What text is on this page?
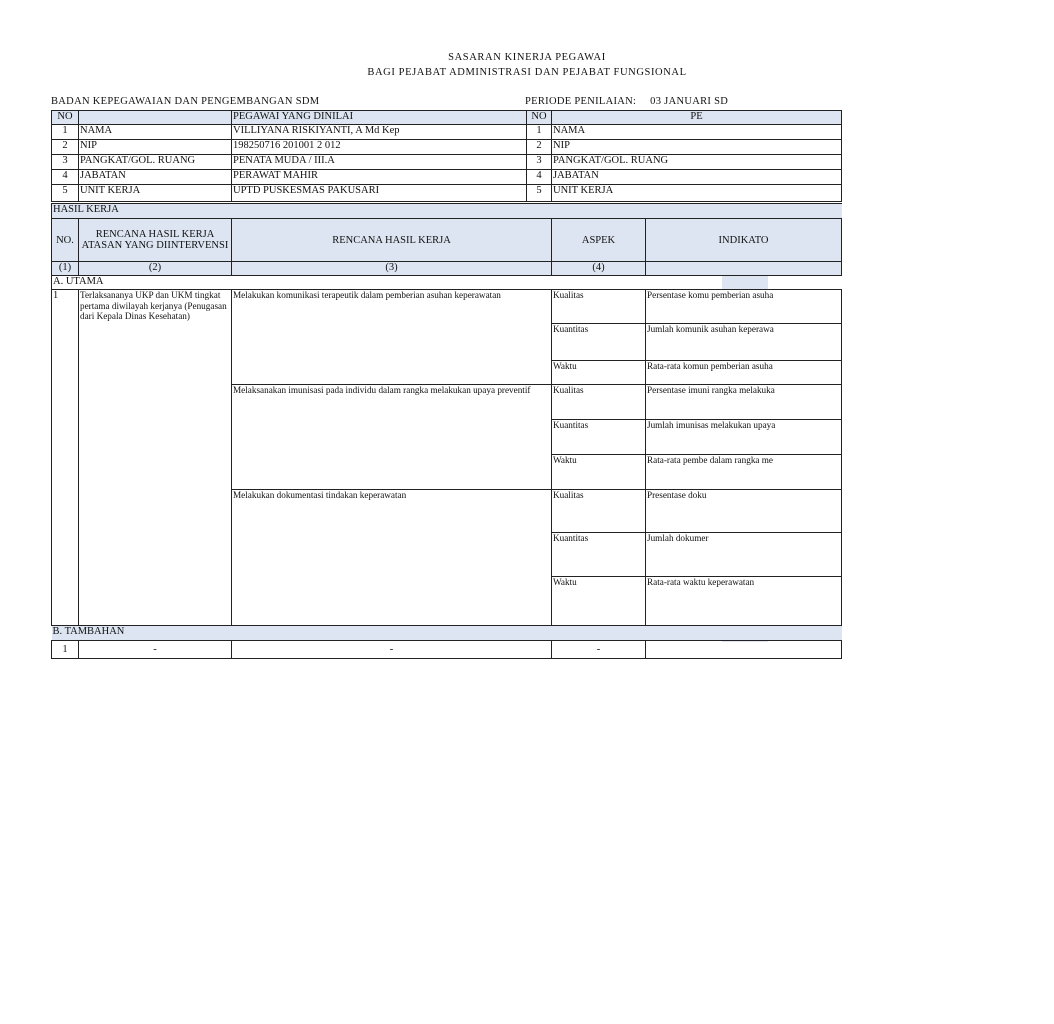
SASARAN KINERJA PEGAWAI
BAGI PEJABAT ADMINISTRASI DAN PEJABAT FUNGSIONAL
BADAN KEPEGAWAIAN DAN PENGEMBANGAN SDM	PERIODE PENILAIAN: 03 JANUARI SD
NO		PEGAWAI YANG DINILAI	NO	PE
1	NAMA	VILLIYANA RISKIYANTI, A Md Kep	1	NAMA
2	NIP	198250716 201001 2 012	2	NIP
3	PANGKAT/GOL. RUANG	PENATA MUDA / III.A	3	PANGKAT/GOL. RUANG
4	JABATAN	PERAWAT MAHIR	4	JABATAN
5	UNIT KERJA	UPTD PUSKESMAS PAKUSARI	5	UNIT KERJA
HASIL KERJA				
NO.	RENCANA HASIL KERJA ATASAN YANG DIINTERVENSI	RENCANA HASIL KERJA	ASPEK	INDIKATO
(1)	(2)	(3)	(4)	
A. UTAMA				
1	Terlaksananya UKP dan UKM tingkat pertama diwilayah kerjanya (Penugasan dari Kepala Dinas Kesehatan)	Melakukan komunikasi terapeutik dalam pemberian asuhan keperawatan	Kualitas	Persentase komu pemberian asuha
			Kuantitas	Jumlah komunik asuhan keperawa
			Waktu	Rata-rata komun pemberian asuha
		Melaksanakan imunisasi pada individu dalam rangka melakukan upaya preventif	Kualitas	Persentase imuni rangka melakuka
			Kuantitas	Jumlah imunisas melakukan upaya
			Waktu	Rata-rata pembe dalam rangka me
		Melakukan dokumentasi tindakan keperawatan	Kualitas	Presentase doku
			Kuantitas	Jumlah dokumer
			Waktu	Rata-rata waktu keperawatan
B. TAMBAHAN				
1	-	-	-	
